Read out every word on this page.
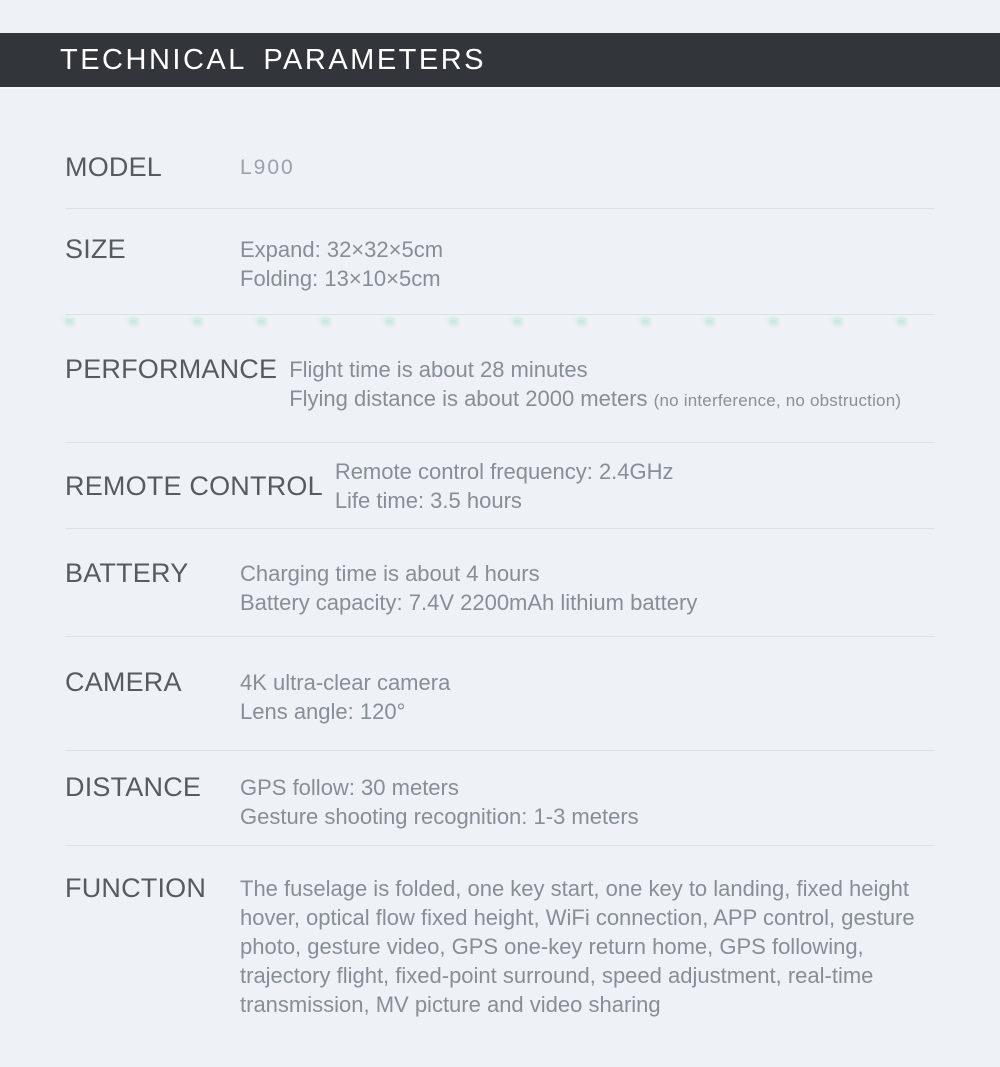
TECHNICAL PARAMETERS
MODEL	L900

SIZE	Expand: 32×32×5cm

Folding: 13×10×5cm

PERFORMANCE Flight time is about 28 minutes

Flying distance is about 2000 meters (no interference, no obstruction)

REMOTE CONTROL Remote control frequency: 2.4GHz

Life time: 3.5 hours

BATTERY	Charging time is about 4 hours

Battery capacity: 7.4V 2200mAh lithium battery

CAMERA	4K ultra-clear camera

Lens angle: 120°

DISTANCE	GPS follow: 30 meters

Gesture shooting recognition: 1-3 meters

FUNCTION	The fuselage is folded, one key start, one key to landing, fixed height hover, optical flow fixed height, WiFi connection, APP control, gesture photo, gesture video, GPS one-key return home, GPS following, trajectory flight, fixed-point surround, speed adjustment, real-time transmission, MV picture and video sharing
